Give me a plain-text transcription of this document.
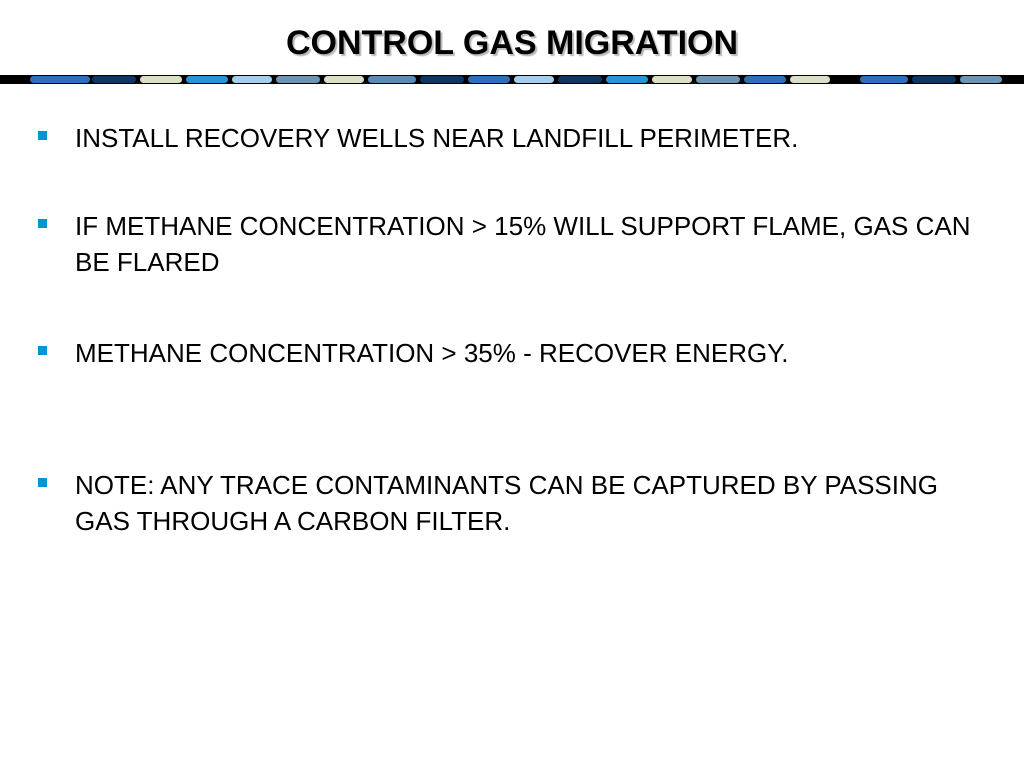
CONTROL GAS MIGRATION
INSTALL RECOVERY WELLS NEAR LANDFILL PERIMETER.
IF METHANE CONCENTRATION > 15% WILL SUPPORT FLAME, GAS CAN BE FLARED
METHANE CONCENTRATION > 35% - RECOVER ENERGY.
NOTE: ANY TRACE CONTAMINANTS CAN BE CAPTURED BY PASSING GAS THROUGH A CARBON FILTER.
